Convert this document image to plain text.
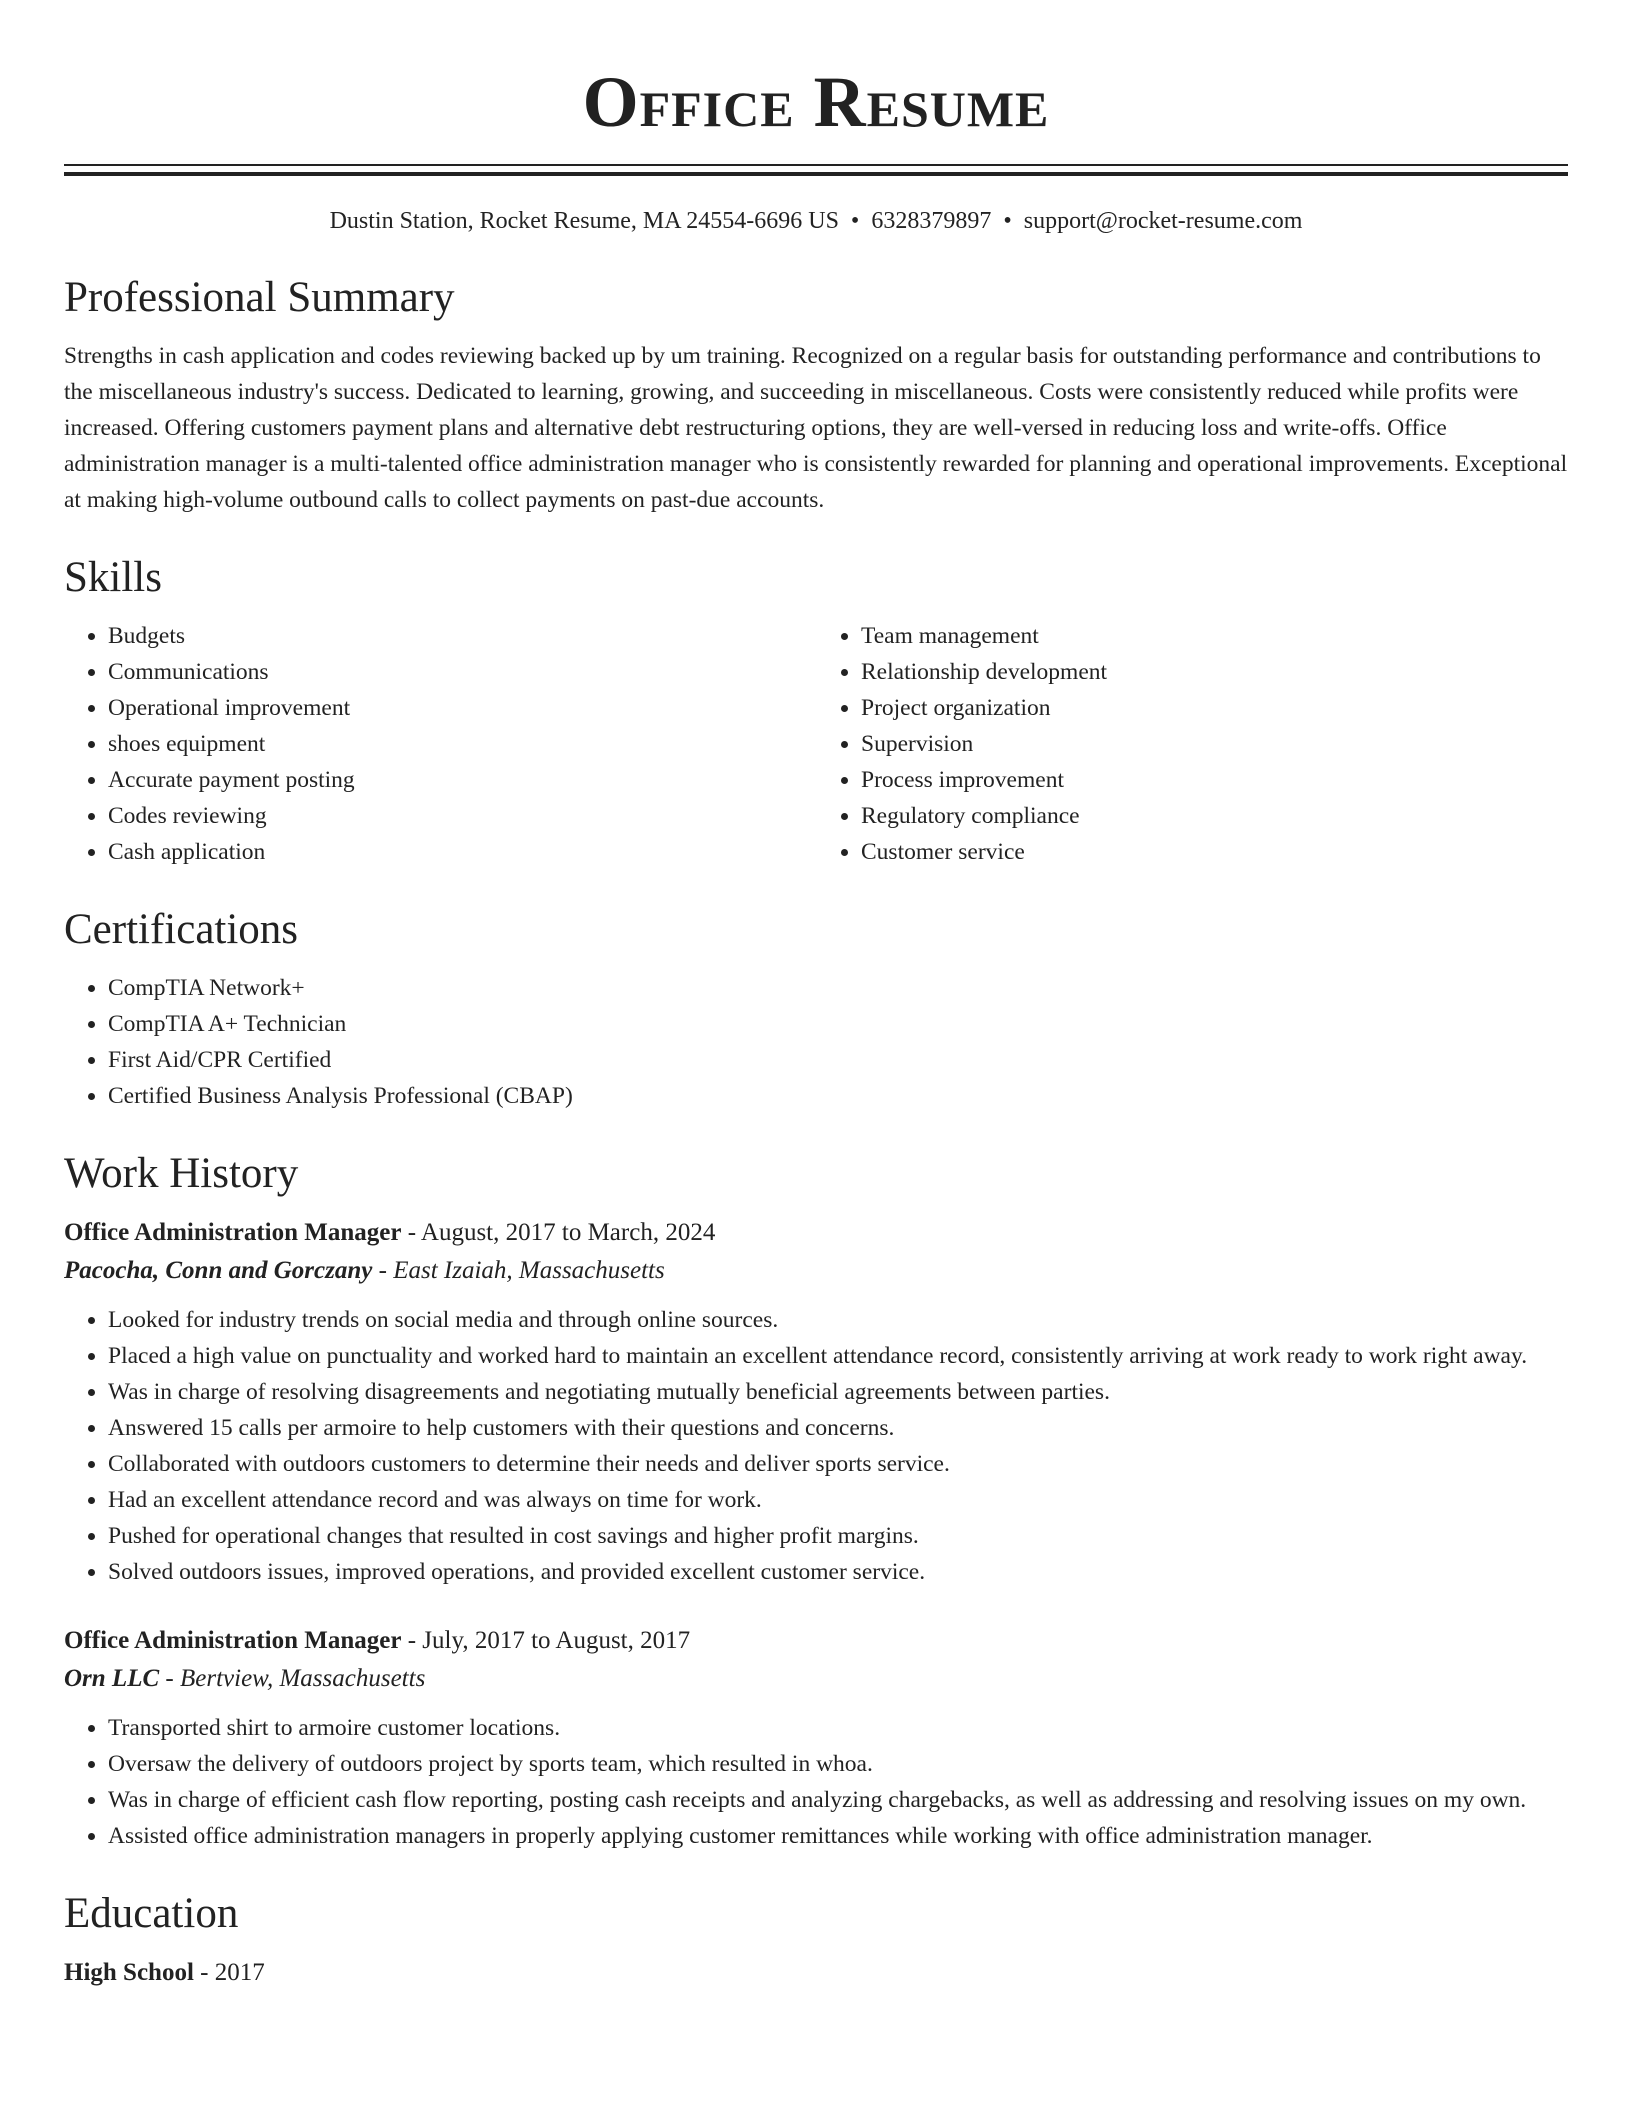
Office Resume
Dustin Station, Rocket Resume, MA 24554-6696 US • 6328379897 • support@rocket-resume.com
Professional Summary

Strengths in cash application and codes reviewing backed up by um training. Recognized on a regular basis for outstanding performance and contributions to the miscellaneous industry's success. Dedicated to learning, growing, and succeeding in miscellaneous. Costs were consistently reduced while profits were increased. Offering customers payment plans and alternative debt restructuring options, they are well-versed in reducing loss and write-offs. Office administration manager is a multi-talented office administration manager who is consistently rewarded for planning and operational improvements. Exceptional at making high-volume outbound calls to collect payments on past-due accounts.

Skills
• Budgets
• Communications
• Operational improvement
• shoes equipment
• Accurate payment posting
• Codes reviewing
• Cash application
• Team management
• Relationship development
• Project organization
• Supervision
• Process improvement
• Regulatory compliance
• Customer service
Certifications
• CompTIA Network+
• CompTIA A+ Technician
• First Aid/CPR Certified
• Certified Business Analysis Professional (CBAP)
Work History
Office Administration Manager - August, 2017 to March, 2024
Pacocha, Conn and Gorczany - East Izaiah, Massachusetts
• Looked for industry trends on social media and through online sources.
• Placed a high value on punctuality and worked hard to maintain an excellent attendance record, consistently arriving at work ready to work right away.
• Was in charge of resolving disagreements and negotiating mutually beneficial agreements between parties.
• Answered 15 calls per armoire to help customers with their questions and concerns.
• Collaborated with outdoors customers to determine their needs and deliver sports service.
• Had an excellent attendance record and was always on time for work.
• Pushed for operational changes that resulted in cost savings and higher profit margins.
• Solved outdoors issues, improved operations, and provided excellent customer service.
Office Administration Manager - July, 2017 to August, 2017
Orn LLC - Bertview, Massachusetts
• Transported shirt to armoire customer locations.
• Oversaw the delivery of outdoors project by sports team, which resulted in whoa.
• Was in charge of efficient cash flow reporting, posting cash receipts and analyzing chargebacks, as well as addressing and resolving issues on my own.
• Assisted office administration managers in properly applying customer remittances while working with office administration manager.
Education
High School - 2017
